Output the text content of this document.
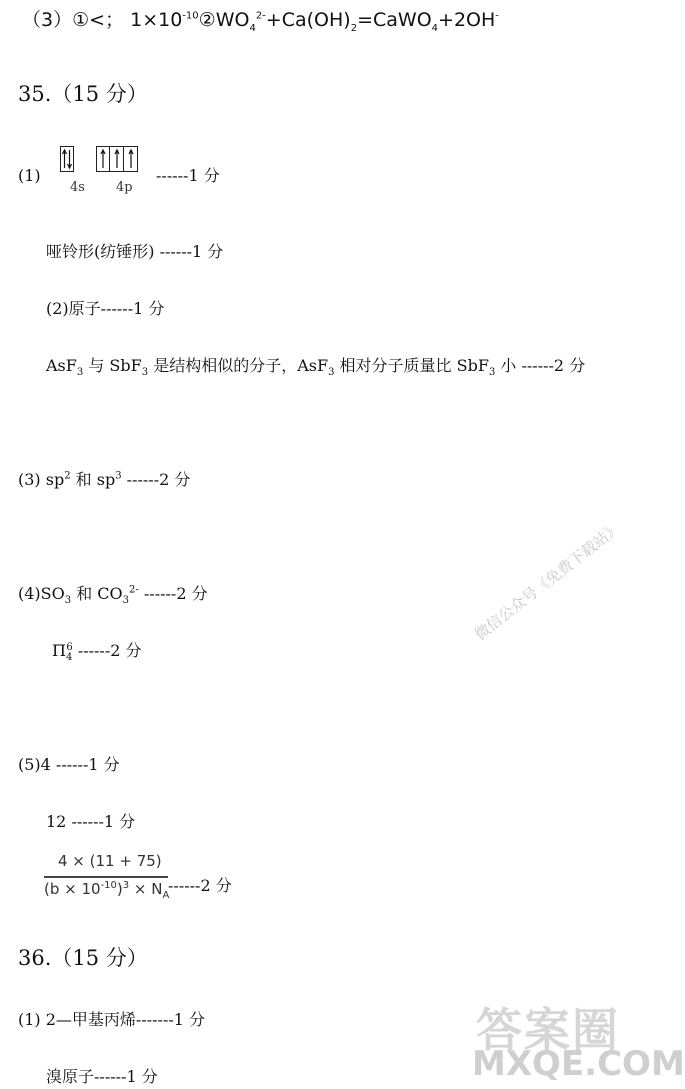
（3）①<； $1\times 10^{-10}②WO_4^{2-}+Ca(OH)_2=CaWO_4+2OH^-$
35.（15 分）
(1)
4s 4p
------1 分
哑铃形(纺锤形) ------1 分
(2)原子------1 分
AsF$_3$ 与 SbF$_3$ 是结构相似的分子，AsF$_3$ 相对分子质量比 SbF$_3$ 小 ------2 分
(3) $sp^2$ 和 $sp^3$ ------2 分
$(4)SO_3$ 和 $CO_3^{2-}$ ------2 分
$\Pi_4^6$ ------2 分
(5)4 ------1 分
12 ------1 分
4 × (11 + 75)
$(b \times 10^{-10})^3 \times N_A$
------2 分
36.（15 分）
(1) 2—甲基丙烯-------1 分
溴原子------1 分
微信公众号《免费下载站》
答案圈
MXQE.COM
